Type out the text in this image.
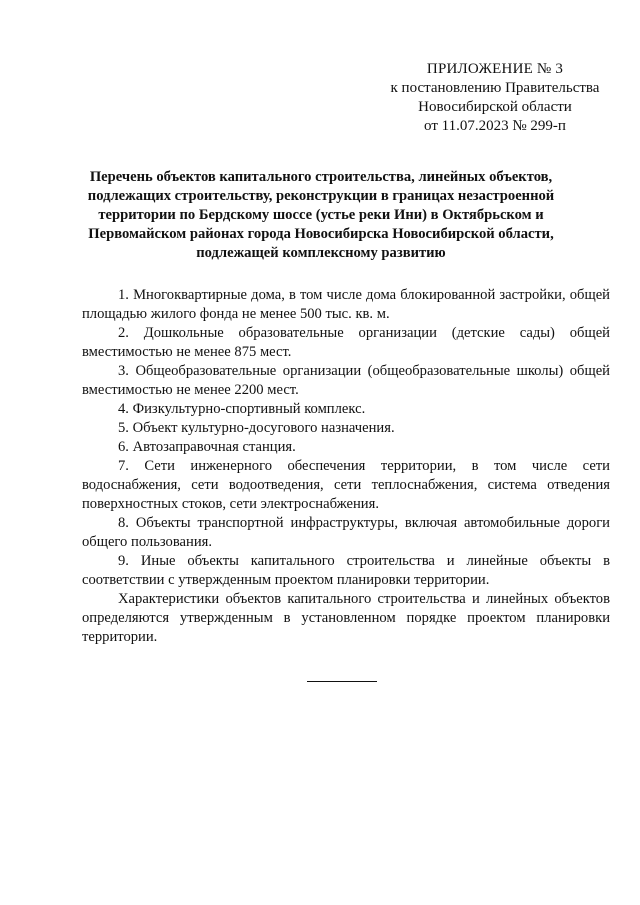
ПРИЛОЖЕНИЕ № 3
к постановлению Правительства
Новосибирской области
от 11.07.2023 № 299-п
Перечень объектов капитального строительства, линейных объектов,
подлежащих строительству, реконструкции в границах незастроенной
территории по Бердскому шоссе (устье реки Ини) в Октябрьском и
Первомайском районах города Новосибирска Новосибирской области,
подлежащей комплексному развитию

1. Многоквартирные дома, в том числе дома блокированной застройки, общей площадью жилого фонда не менее 500 тыс. кв. м.

2. Дошкольные образовательные организации (детские сады) общей вместимостью не менее 875 мест.

3. Общеобразовательные организации (общеобразовательные школы) общей вместимостью не менее 2200 мест.

4. Физкультурно-спортивный комплекс.

5. Объект культурно-досугового назначения.

6. Автозаправочная станция.

7. Сети инженерного обеспечения территории, в том числе сети водоснабжения, сети водоотведения, сети теплоснабжения, система отведения поверхностных стоков, сети электроснабжения.

8. Объекты транспортной инфраструктуры, включая автомобильные дороги общего пользования.

9. Иные объекты капитального строительства и линейные объекты в соответствии с утвержденным проектом планировки территории.

Характеристики объектов капитального строительства и линейных объектов определяются утвержденным в установленном порядке проектом планировки территории.
